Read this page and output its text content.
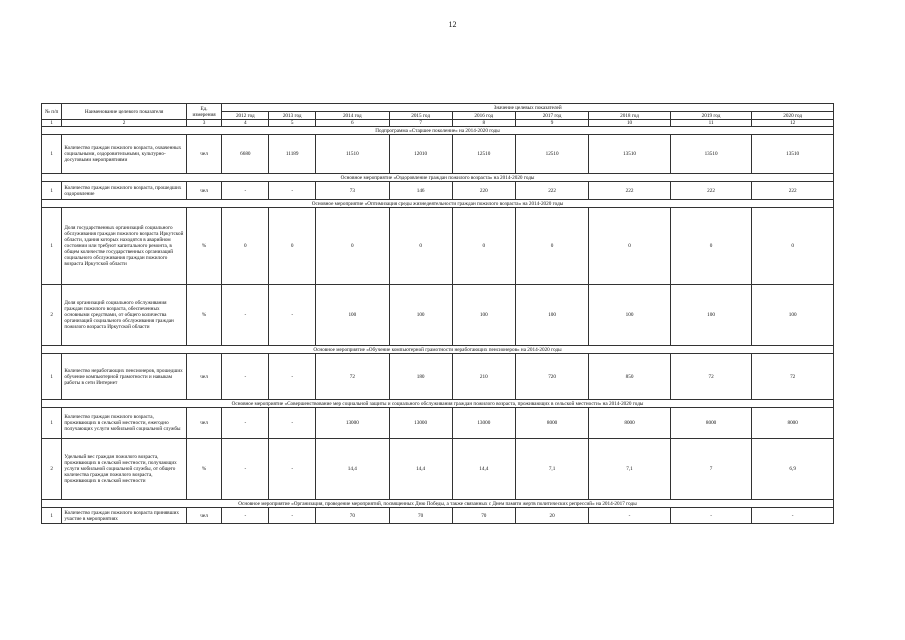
12
№ п/п	Наименование целевого показателя	Ед. измерения	Значение целевых показателей								
			2012 год	2013 год	2014 год	2015 год	2016 год	2017 год	2018 год	2019 год	2020 год
1	2	3	4	5	6	7	8	9	10	11	12
Подпрограмма «Старшее поколение» на 2014-2020 годы											
1	Количество граждан пожилого возраста, охваченных социальными, оздоровительными, культурно-досуговыми мероприятиями	чел	6680	11189	11510	12010	12510	12510	13510	13510	13510
Основное мероприятие «Оздоровление граждан пожилого возраста» на 2014-2020 годы											
1	Количество граждан пожилого возраста, прошедших оздоровление	чел	-	-	73	146	220	222	222	222	222
Основное мероприятие «Оптимизация среды жизнедеятельности граждан пожилого возраста» на 2014-2020 годы											
1	Доля государственных организаций социального обслуживания граждан пожилого возраста Иркутской области, здания которых находятся в аварийном состоянии или требуют капитального ремонта, в общем количестве государственных организаций социального обслуживания граждан пожилого возраста Иркутской области	%	0	0	0	0	0	0	0	0	0
2	Доля организаций социального обслуживания граждан пожилого возраста, обеспеченных основными средствами, от общего количества организаций социального обслуживания граждан пожилого возраста Иркутской области	%	-	-	100	100	100	100	100	100	100
Основное мероприятие «Обучение компьютерной грамотности неработающих пенсионеров» на 2014-2020 годы											
1	Количество неработающих пенсионеров, прошедших обучение компьютерной грамотности и навыкам работы в сети Интернет	чел	-	-	72	180	210	720	850	72	72
Основное мероприятие «Совершенствование мер социальной защиты и социального обслуживания граждан пожилого возраста, проживающих в сельской местности» на 2014-2020 годы											
1	Количество граждан пожилого возраста, проживающих в сельской местности, ежегодно получающих услуги мобильной социальной службы	чел	-	-	13000	13000	13000	8000	8000	8000	8000
2	Удельный вес граждан пожилого возраста, проживающих в сельской местности, получающих услуги мобильной социальной службы, от общего количества граждан пожилого возраста, проживающих в сельской местности	%	-	-	14,4	14,4	14,4	7,1	7,1	7	6,9
Основное мероприятие «Организация, проведение мероприятий, посвященных Дню Победы, а также связанных с Днем памяти жертв политических репрессий» на 2014-2017 годы											
1	Количество граждан пожилого возраста принявших участие в мероприятиях	чел	-	-	70	70	70	20	-	-	-
